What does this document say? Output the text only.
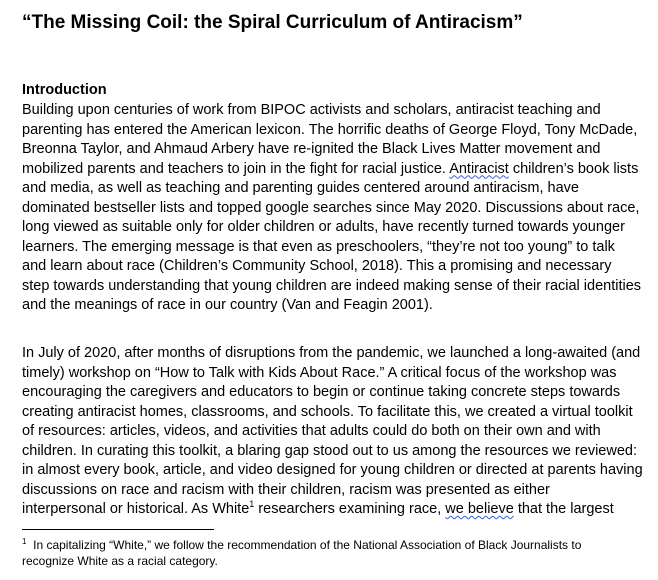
“The Missing Coil: the Spiral Curriculum of Antiracism”
Introduction
Building upon centuries of work from BIPOC activists and scholars, antiracist teaching and
parenting has entered the American lexicon. The horrific deaths of George Floyd, Tony McDade,
Breonna Taylor, and Ahmaud Arbery have re-ignited the Black Lives Matter movement and
mobilized parents and teachers to join in the fight for racial justice. Antiracist children’s book lists
and media, as well as teaching and parenting guides centered around antiracism, have
dominated bestseller lists and topped google searches since May 2020. Discussions about race,
long viewed as suitable only for older children or adults, have recently turned towards younger
learners. The emerging message is that even as preschoolers, “they’re not too young” to talk
and learn about race (Children’s Community School, 2018). This a promising and necessary
step towards understanding that young children are indeed making sense of their racial identities
and the meanings of race in our country (Van and Feagin 2001).
In July of 2020, after months of disruptions from the pandemic, we launched a long-awaited (and
timely) workshop on “How to Talk with Kids About Race.” A critical focus of the workshop was
encouraging the caregivers and educators to begin or continue taking concrete steps towards
creating antiracist homes, classrooms, and schools. To facilitate this, we created a virtual toolkit
of resources: articles, videos, and activities that adults could do both on their own and with
children. In curating this toolkit, a blaring gap stood out to us among the resources we reviewed:
in almost every book, article, and video designed for young children or directed at parents having
discussions on race and racism with their children, racism was presented as either
interpersonal or historical. As White$^1$ researchers examining race, we believe that the largest
$^1$  In capitalizing “White,” we follow the recommendation of the National Association of Black Journalists to
recognize White as a racial category.
